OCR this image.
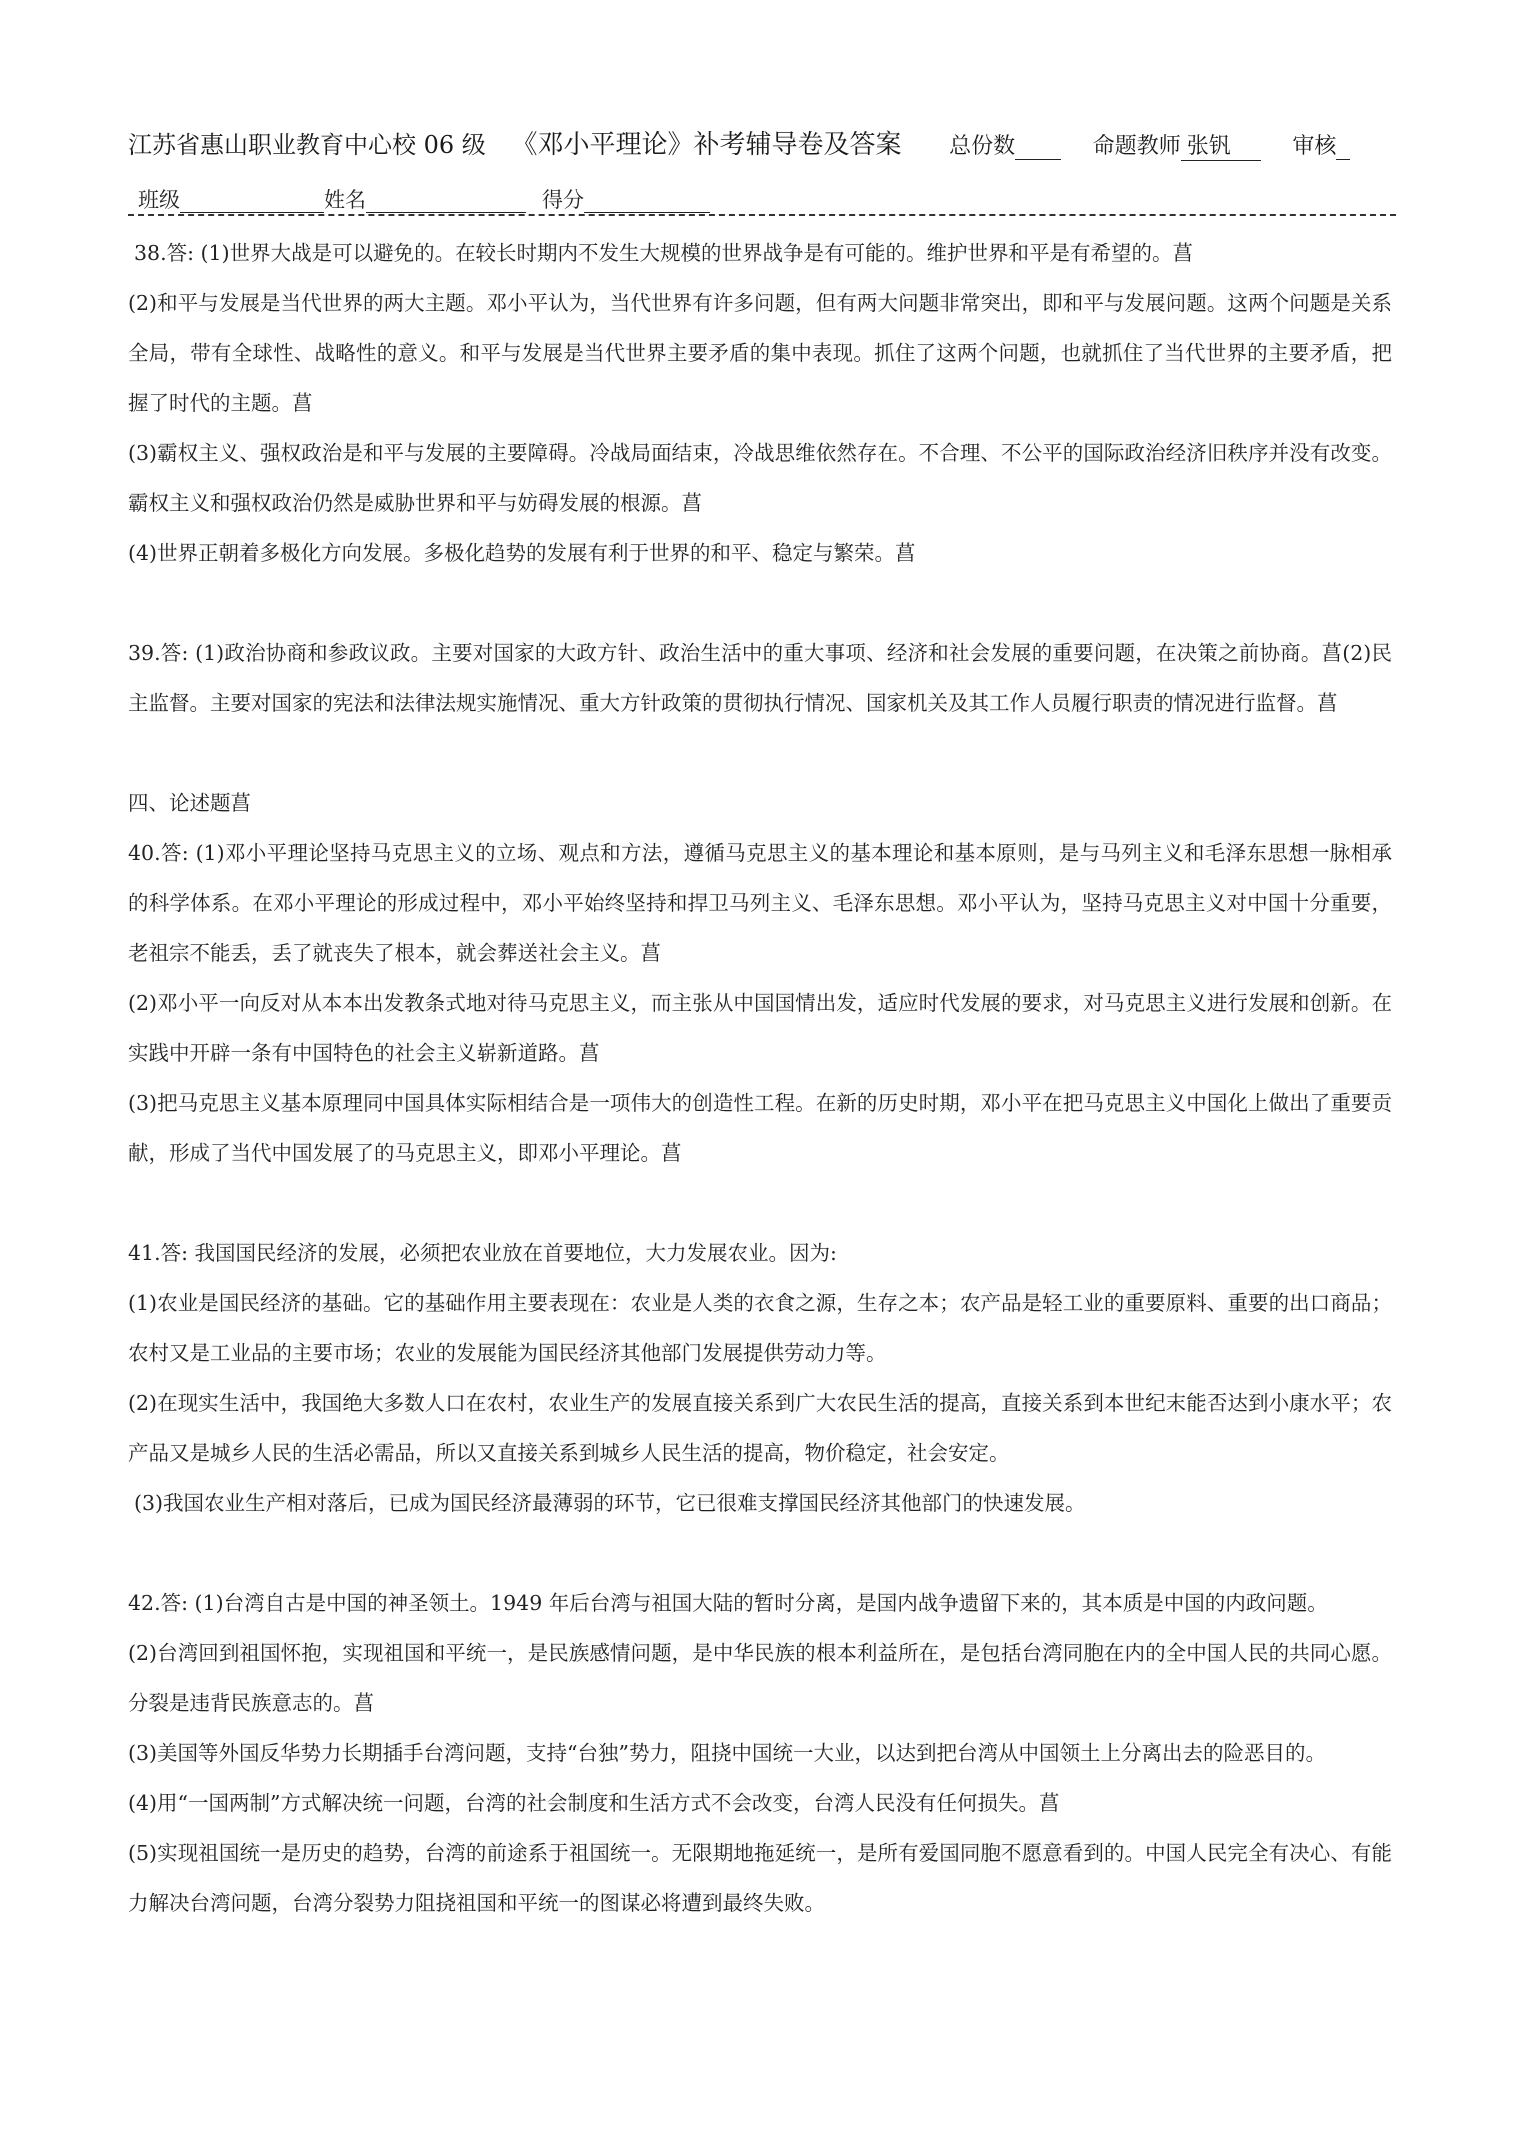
江苏省惠山职业教育中心校 06 级 《邓小平理论》补考辅导卷及答案 总份数	命题教师 张钒	审核
班级	姓名	得分

38.答: (1)世界大战是可以避免的。在较长时期内不发生大规模的世界战争是有可能的。维护世界和平是有希望的。菖

(2)和平与发展是当代世界的两大主题。邓小平认为，当代世界有许多问题，但有两大问题非常突出，即和平与发展问题。这两个问题是关系全局，带有全球性、战略性的意义。和平与发展是当代世界主要矛盾的集中表现。抓住了这两个问题，也就抓住了当代世界的主要矛盾，把握了时代的主题。菖

(3)霸权主义、强权政治是和平与发展的主要障碍。冷战局面结束，冷战思维依然存在。不合理、不公平的国际政治经济旧秩序并没有改变。霸权主义和强权政治仍然是威胁世界和平与妨碍发展的根源。菖

(4)世界正朝着多极化方向发展。多极化趋势的发展有利于世界的和平、稳定与繁荣。菖

39.答: (1)政治协商和参政议政。主要对国家的大政方针、政治生活中的重大事项、经济和社会发展的重要问题，在决策之前协商。菖(2)民主监督。主要对国家的宪法和法律法规实施情况、重大方针政策的贯彻执行情况、国家机关及其工作人员履行职责的情况进行监督。菖

四、论述题菖

40.答: (1)邓小平理论坚持马克思主义的立场、观点和方法，遵循马克思主义的基本理论和基本原则，是与马列主义和毛泽东思想一脉相承的科学体系。在邓小平理论的形成过程中，邓小平始终坚持和捍卫马列主义、毛泽东思想。邓小平认为，坚持马克思主义对中国十分重要，老祖宗不能丢，丢了就丧失了根本，就会葬送社会主义。菖

(2)邓小平一向反对从本本出发教条式地对待马克思主义，而主张从中国国情出发，适应时代发展的要求，对马克思主义进行发展和创新。在实践中开辟一条有中国特色的社会主义崭新道路。菖

(3)把马克思主义基本原理同中国具体实际相结合是一项伟大的创造性工程。在新的历史时期，邓小平在把马克思主义中国化上做出了重要贡献，形成了当代中国发展了的马克思主义，即邓小平理论。菖

41.答: 我国国民经济的发展，必须把农业放在首要地位，大力发展农业。因为:

(1)农业是国民经济的基础。它的基础作用主要表现在：农业是人类的衣食之源，生存之本；农产品是轻工业的重要原料、重要的出口商品；农村又是工业品的主要市场；农业的发展能为国民经济其他部门发展提供劳动力等。

(2)在现实生活中，我国绝大多数人口在农村，农业生产的发展直接关系到广大农民生活的提高，直接关系到本世纪末能否达到小康水平；农产品又是城乡人民的生活必需品，所以又直接关系到城乡人民生活的提高，物价稳定，社会安定。

(3)我国农业生产相对落后，已成为国民经济最薄弱的环节，它已很难支撑国民经济其他部门的快速发展。

42.答: (1)台湾自古是中国的神圣领土。1949 年后台湾与祖国大陆的暂时分离，是国内战争遗留下来的，其本质是中国的内政问题。

(2)台湾回到祖国怀抱，实现祖国和平统一，是民族感情问题，是中华民族的根本利益所在，是包括台湾同胞在内的全中国人民的共同心愿。分裂是违背民族意志的。菖

(3)美国等外国反华势力长期插手台湾问题，支持“台独”势力，阻挠中国统一大业，以达到把台湾从中国领土上分离出去的险恶目的。

(4)用“一国两制”方式解决统一问题，台湾的社会制度和生活方式不会改变，台湾人民没有任何损失。菖

(5)实现祖国统一是历史的趋势，台湾的前途系于祖国统一。无限期地拖延统一，是所有爱国同胞不愿意看到的。中国人民完全有决心、有能力解决台湾问题，台湾分裂势力阻挠祖国和平统一的图谋必将遭到最终失败。
